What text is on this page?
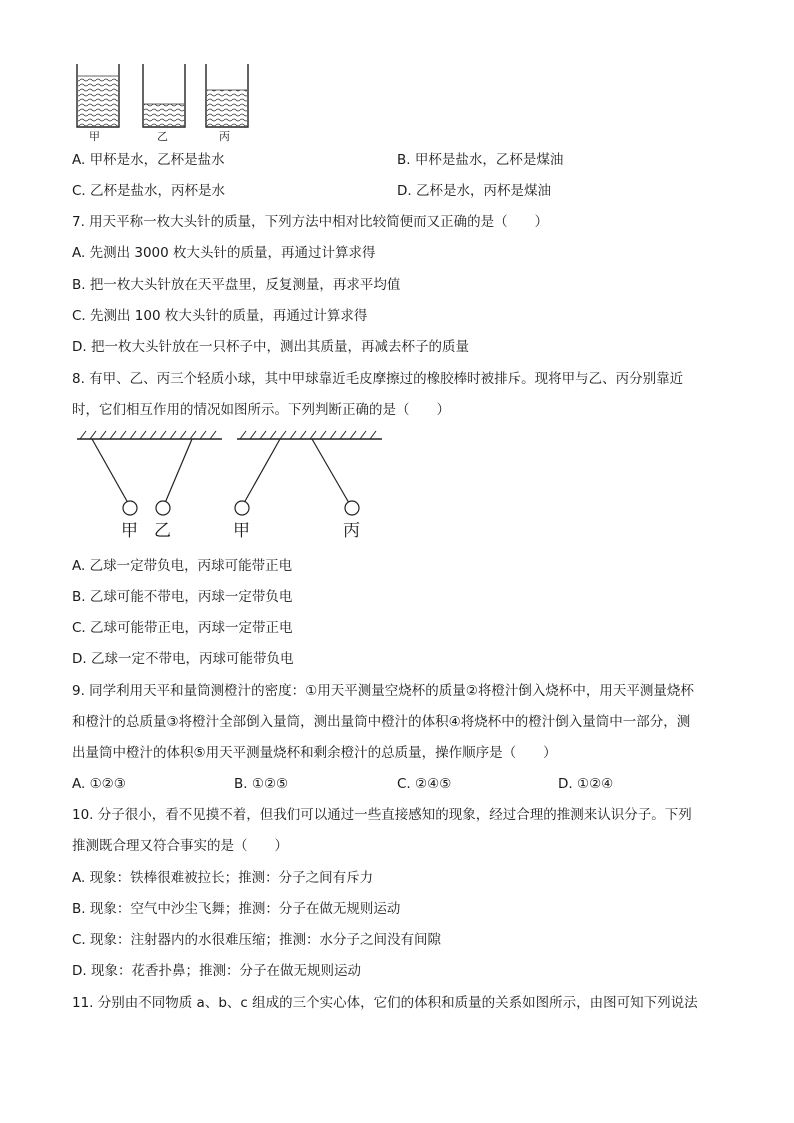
甲	乙	丙
A. 甲杯是水，乙杯是盐水	B. 甲杯是盐水，乙杯是煤油
C. 乙杯是盐水，丙杯是水	D. 乙杯是水，丙杯是煤油
7. 用天平称一枚大头针的质量，下列方法中相对比较简便而又正确的是（　　）
A. 先测出 3000 枚大头针的质量，再通过计算求得
B. 把一枚大头针放在天平盘里，反复测量，再求平均值
C. 先测出 100 枚大头针的质量，再通过计算求得
D. 把一枚大头针放在一只杯子中，测出其质量，再减去杯子的质量
8. 有甲、乙、丙三个轻质小球，其中甲球靠近毛皮摩擦过的橡胶棒时被排斥。现将甲与乙、丙分别靠近
时，它们相互作用的情况如图所示。下列判断正确的是（　　）
甲 乙	甲	丙
A. 乙球一定带负电，丙球可能带正电
B. 乙球可能不带电，丙球一定带负电
C. 乙球可能带正电，丙球一定带正电
D. 乙球一定不带电，丙球可能带负电
9. 同学利用天平和量筒测橙汁的密度：①用天平测量空烧杯的质量②将橙汁倒入烧杯中，用天平测量烧杯
和橙汁的总质量③将橙汁全部倒入量筒，测出量筒中橙汁的体积④将烧杯中的橙汁倒入量筒中一部分，测
出量筒中橙汁的体积⑤用天平测量烧杯和剩余橙汁的总质量，操作顺序是（　　）
A. ①②③	B. ①②⑤	C. ②④⑤	D. ①②④
10. 分子很小，看不见摸不着，但我们可以通过一些直接感知的现象，经过合理的推测来认识分子。下列
推测既合理又符合事实的是（　　）
A. 现象：铁棒很难被拉长；推测：分子之间有斥力
B. 现象：空气中沙尘飞舞；推测：分子在做无规则运动
C. 现象：注射器内的水很难压缩；推测：水分子之间没有间隙
D. 现象：花香扑鼻；推测：分子在做无规则运动
11. 分别由不同物质 a、b、c 组成的三个实心体，它们的体积和质量的关系如图所示，由图可知下列说法
